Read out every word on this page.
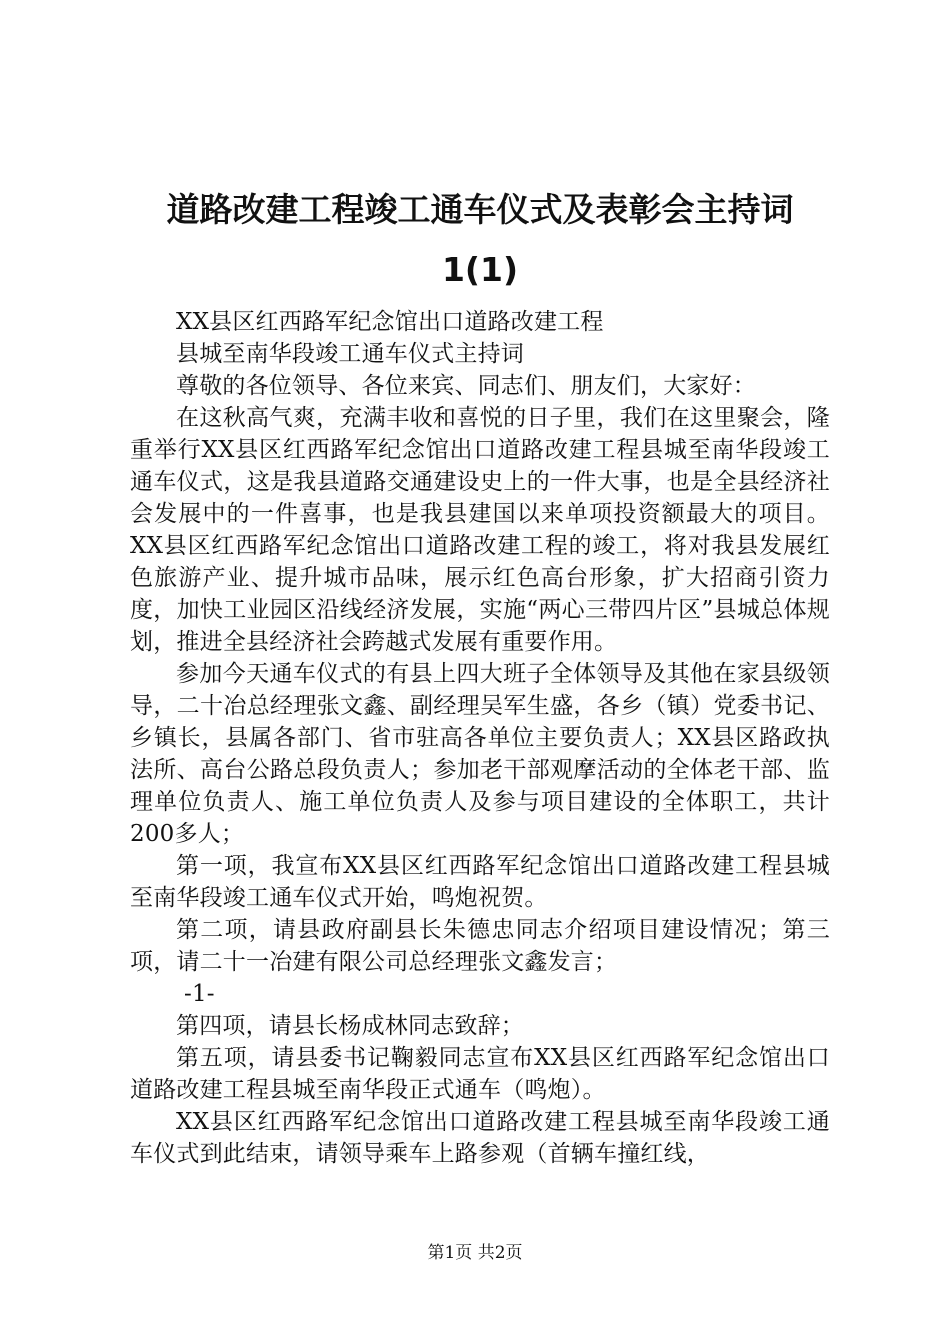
道路改建工程竣工通车仪式及表彰会主持词
1(1)

XX县区红西路军纪念馆出口道路改建工程

县城至南华段竣工通车仪式主持词

尊敬的各位领导、各位来宾、同志们、朋友们，大家好：

在这秋高气爽，充满丰收和喜悦的日子里，我们在这里聚会，隆重举行XX县区红西路军纪念馆出口道路改建工程县城至南华段竣工通车仪式，这是我县道路交通建设史上的一件大事，也是全县经济社会发展中的一件喜事，也是我县建国以来单项投资额最大的项目。XX县区红西路军纪念馆出口道路改建工程的竣工，将对我县发展红色旅游产业、提升城市品味，展示红色高台形象，扩大招商引资力度，加快工业园区沿线经济发展，实施“两心三带四片区”县城总体规划，推进全县经济社会跨越式发展有重要作用。

参加今天通车仪式的有县上四大班子全体领导及其他在家县级领导，二十冶总经理张文鑫、副经理吴军生盛，各乡（镇）党委书记、乡镇长，县属各部门、省市驻高各单位主要负责人；XX县区路政执法所、高台公路总段负责人；参加老干部观摩活动的全体老干部、监理单位负责人、施工单位负责人及参与项目建设的全体职工，共计200多人；

第一项，我宣布XX县区红西路军纪念馆出口道路改建工程县城至南华段竣工通车仪式开始，鸣炮祝贺。

第二项，请县政府副县长朱德忠同志介绍项目建设情况；第三项，请二十一冶建有限公司总经理张文鑫发言；

-1-

第四项，请县长杨成林同志致辞；

第五项，请县委书记鞠毅同志宣布XX县区红西路军纪念馆出口道路改建工程县城至南华段正式通车（鸣炮）。

XX县区红西路军纪念馆出口道路改建工程县城至南华段竣工通车仪式到此结束，请领导乘车上路参观（首辆车撞红线，

第1页 共2页
